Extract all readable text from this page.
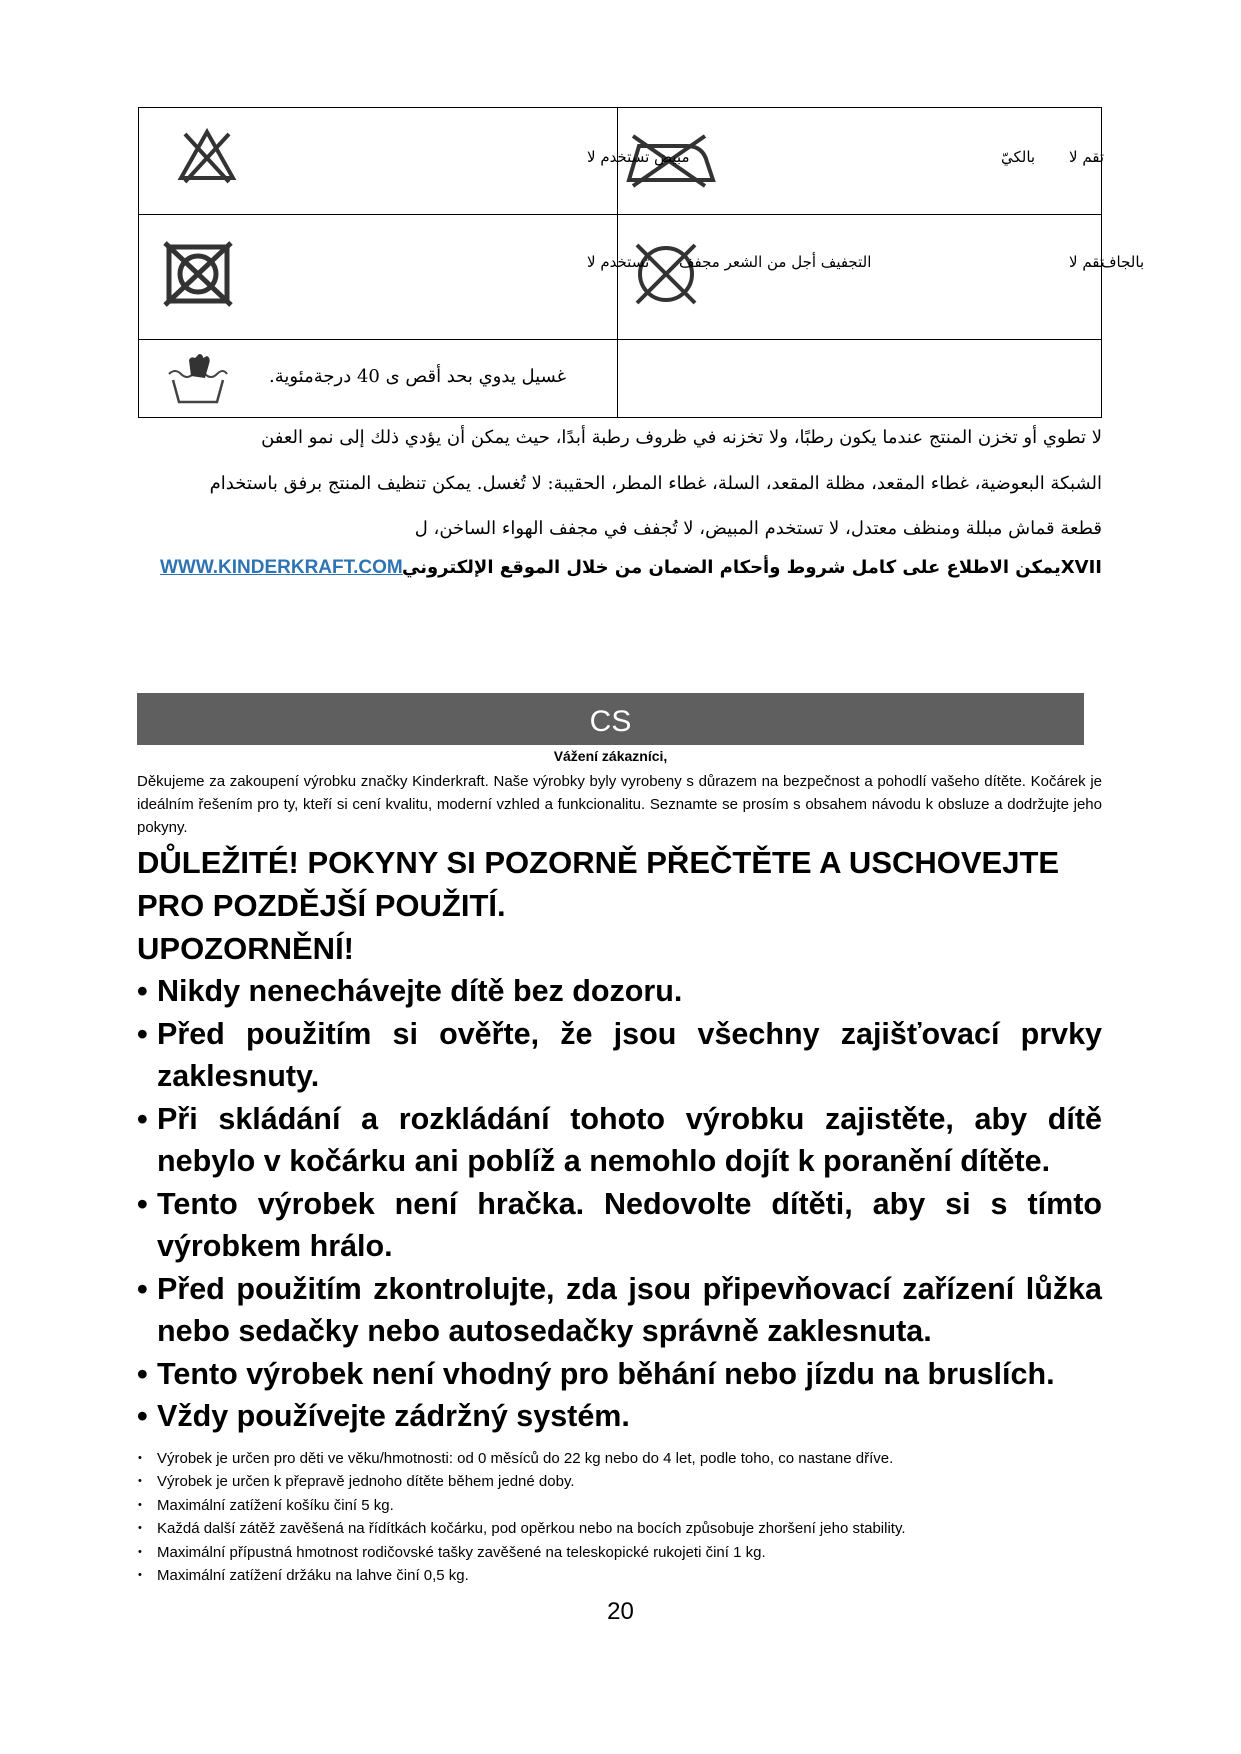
مبيض تستخدم لا	بالكيّ تقم لا
تستخدم لا التجفيف أجل من الشعر مجفف	تقم لا
بالجاف
غسيل يدوي بحد أقص ى 40 درجةمئوية.
لا تطوي أو تخزن المنتج عندما يكون رطبًا، ولا تخزنه في ظروف رطبة أبدًا، حيث يمكن أن يؤدي ذلك إلى نمو العفن
الشبكة البعوضية، غطاء المقعد، مظلة المقعد، السلة، غطاء المطر، الحقيبة: لا تُغسل. يمكن تنظيف المنتج برفق باستخدام
قطعة قماش مبللة ومنظف معتدل، لا تستخدم المبيض، لا تُجفف في مجفف الهواء الساخن، ل
XVIIيمكن الاطلاع على كامل شروط وأحكام الضمان من خلال الموقع الإلكتروني
WWW.KINDERKRAFT.COM
CS
Vážení zákazníci,
Děkujeme za zakoupení výrobku značky Kinderkraft. Naše výrobky byly vyrobeny s důrazem na bezpečnost a pohodlí vašeho dítěte. Kočárek je ideálním řešením pro ty, kteří si cení kvalitu, moderní vzhled a funkcionalitu. Seznamte se prosím s obsahem návodu k obsluze a dodržujte jeho pokyny.
DŮLEŽITÉ! POKYNY SI POZORNĚ PŘEČTĚTE A USCHOVEJTE PRO POZDĚJŠÍ POUŽITÍ.
UPOZORNĚNÍ!
• Nikdy nenechávejte dítě bez dozoru.
• Před použitím si ověřte, že jsou všechny zajišťovací prvky zaklesnuty.
• Při skládání a rozkládání tohoto výrobku zajistěte, aby dítě nebylo v kočárku ani poblíž a nemohlo dojít k poranění dítěte.
• Tento výrobek není hračka. Nedovolte dítěti, aby si s tímto výrobkem hrálo.
• Před použitím zkontrolujte, zda jsou připevňovací zařízení lůžka nebo sedačky nebo autosedačky správně zaklesnuta.
• Tento výrobek není vhodný pro běhání nebo jízdu na bruslích.
• Vždy používejte zádržný systém.
• Výrobek je určen pro děti ve věku/hmotnosti: od 0 měsíců do 22 kg nebo do 4 let, podle toho, co nastane dříve.
• Výrobek je určen k přepravě jednoho dítěte během jedné doby.
• Maximální zatížení košíku činí 5 kg.
• Každá další zátěž zavěšená na řídítkách kočárku, pod opěrkou nebo na bocích způsobuje zhoršení jeho stability.
• Maximální přípustná hmotnost rodičovské tašky zavěšené na teleskopické rukojeti činí 1 kg.
• Maximální zatížení držáku na lahve činí 0,5 kg.
20
